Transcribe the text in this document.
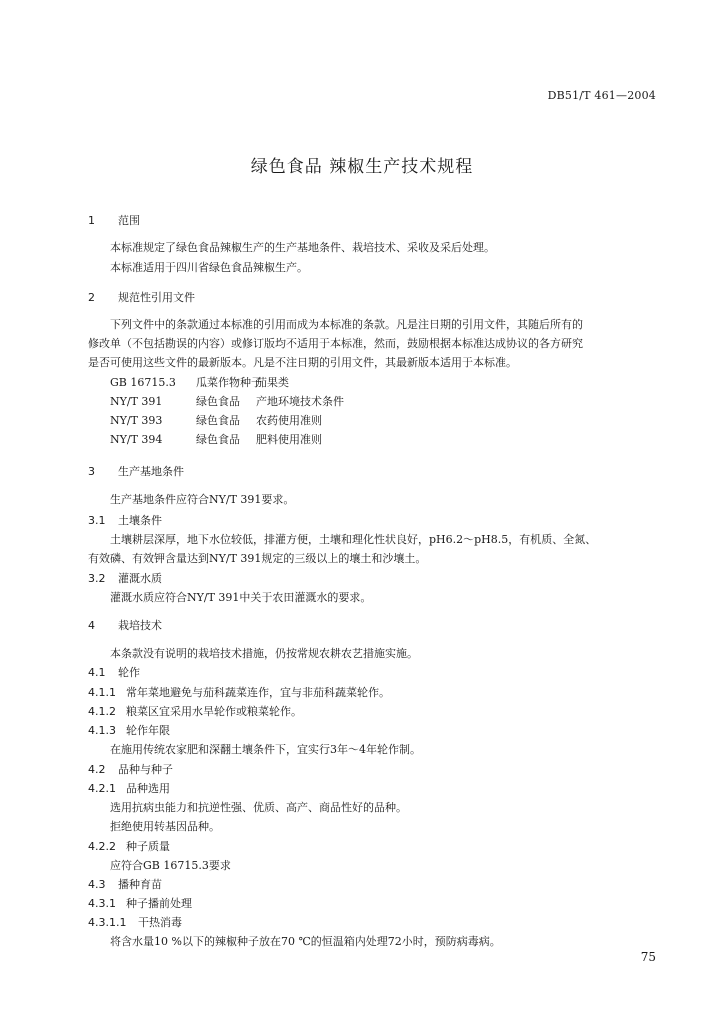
DB51/T 461—2004
绿色食品 辣椒生产技术规程
1 范围
本标准规定了绿色食品辣椒生产的生产基地条件、栽培技术、采收及采后处理。
本标准适用于四川省绿色食品辣椒生产。
2 规范性引用文件
下列文件中的条款通过本标准的引用而成为本标准的条款。凡是注日期的引用文件，其随后所有的
修改单（不包括勘误的内容）或修订版均不适用于本标准，然而，鼓励根据本标准达成协议的各方研究
是否可使用这些文件的最新版本。凡是不注日期的引用文件，其最新版本适用于本标准。
GB 16715.3 瓜菜作物种子茄果类
NY/T 391	绿色食品 产地环境技术条件
NY/T 393	绿色食品 农药使用准则
NY/T 394	绿色食品 肥料使用准则
3 生产基地条件
生产基地条件应符合NY/T 391要求。
3.1 土壤条件
土壤耕层深厚，地下水位较低，排灌方便，土壤和理化性状良好，pH6.2～pH8.5，有机质、全氮、
有效磷、有效钾含量达到NY/T 391规定的三级以上的壤土和沙壤土。
3.2 灌溉水质
灌溉水质应符合NY/T 391中关于农田灌溉水的要求。
4 栽培技术
本条款没有说明的栽培技术措施，仍按常规农耕农艺措施实施。
4.1 轮作
4.1.1 常年菜地避免与茄科蔬菜连作，宜与非茄科蔬菜轮作。
4.1.2 粮菜区宜采用水旱轮作或粮菜轮作。
4.1.3 轮作年限
在施用传统农家肥和深翻土壤条件下，宜实行3年～4年轮作制。
4.2 品种与种子
4.2.1 品种选用
选用抗病虫能力和抗逆性强、优质、高产、商品性好的品种。
拒绝使用转基因品种。
4.2.2 种子质量
应符合GB 16715.3要求
4.3 播种育苗
4.3.1 种子播前处理
4.3.1.1 干热消毒
将含水量10 %以下的辣椒种子放在70 ℃的恒温箱内处理72小时，预防病毒病。
75
